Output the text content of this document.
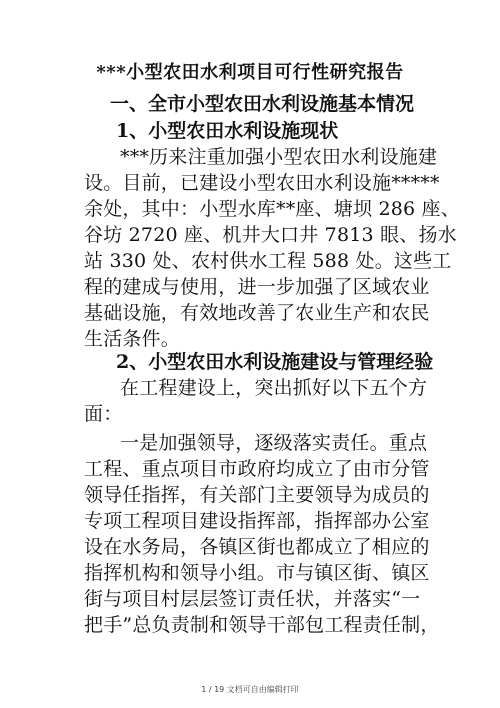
***小型农田水利项目可行性研究报告
一、全市小型农田水利设施基本情况
1、小型农田水利设施现状
***历来注重加强小型农田水利设施建
设。目前，已建设小型农田水利设施*****
余处，其中：小型水库**座、塘坝 286 座、
谷坊 2720 座、机井大口井 7813 眼、扬水
站 330 处、农村供水工程 588 处。这些工
程的建成与使用，进一步加强了区域农业
基础设施，有效地改善了农业生产和农民
生活条件。
2、小型农田水利设施建设与管理经验
在工程建设上，突出抓好以下五个方
面：
一是加强领导，逐级落实责任。重点
工程、重点项目市政府均成立了由市分管
领导任指挥，有关部门主要领导为成员的
专项工程项目建设指挥部，指挥部办公室
设在水务局，各镇区街也都成立了相应的
指挥机构和领导小组。市与镇区街、镇区
街与项目村层层签订责任状，并落实“一
把手”总负责制和领导干部包工程责任制，
1 / 19 文档可自由编辑打印
